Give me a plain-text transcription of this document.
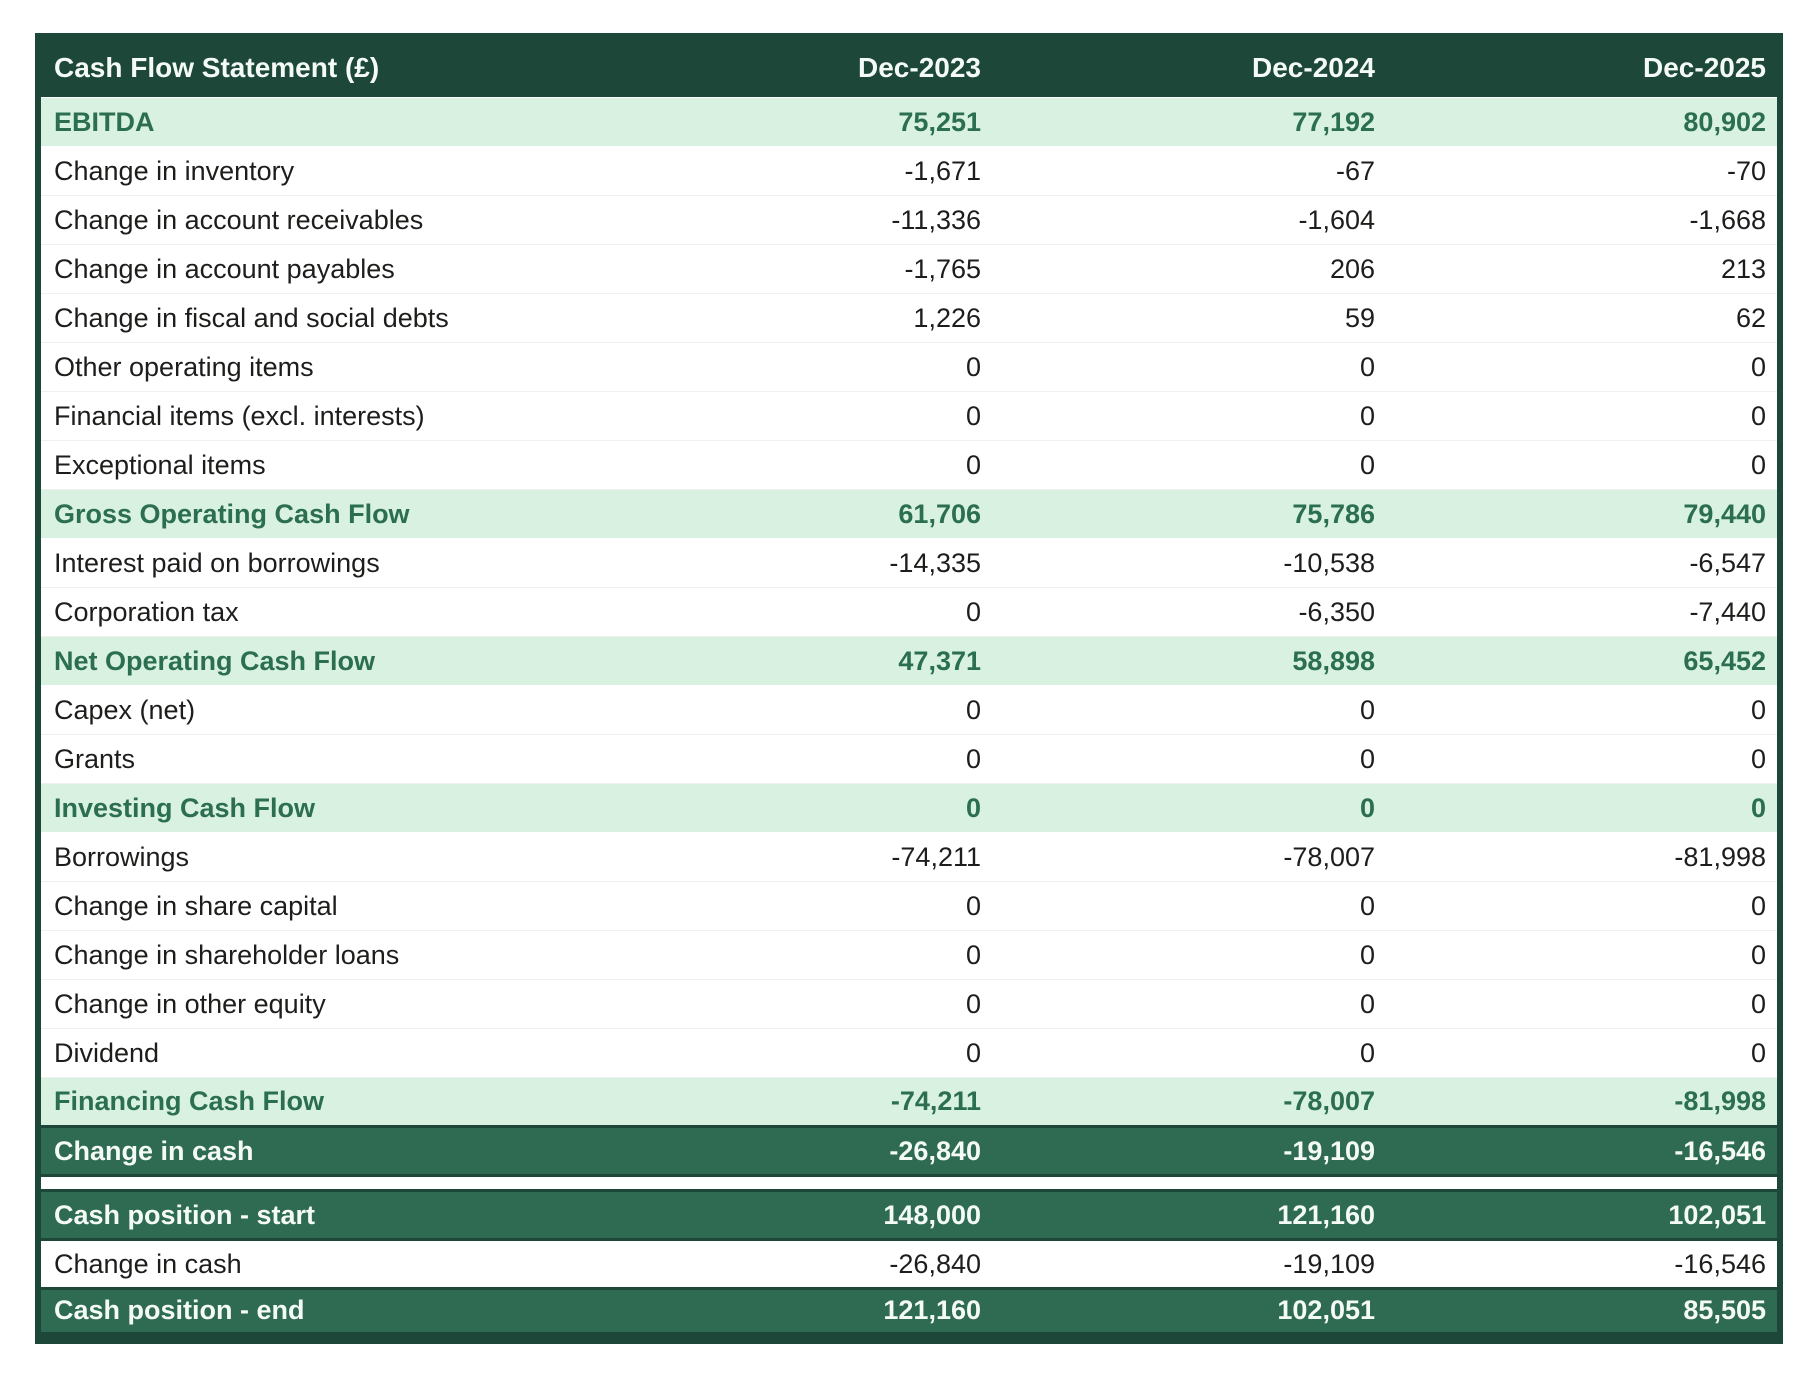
Cash Flow Statement (£)	Dec-2023	Dec-2024	Dec-2025
EBITDA	75,251	77,192	80,902
Change in inventory	-1,671	-67	-70
Change in account receivables	-11,336	-1,604	-1,668
Change in account payables	-1,765	206	213
Change in fiscal and social debts	1,226	59	62
Other operating items	0	0	0
Financial items (excl. interests)	0	0	0
Exceptional items	0	0	0
Gross Operating Cash Flow	61,706	75,786	79,440
Interest paid on borrowings	-14,335	-10,538	-6,547
Corporation tax	0	-6,350	-7,440
Net Operating Cash Flow	47,371	58,898	65,452
Capex (net)	0	0	0
Grants	0	0	0
Investing Cash Flow	0	0	0
Borrowings	-74,211	-78,007	-81,998
Change in share capital	0	0	0
Change in shareholder loans	0	0	0
Change in other equity	0	0	0
Dividend	0	0	0
Financing Cash Flow	-74,211	-78,007	-81,998
Change in cash	-26,840	-19,109	-16,546

Cash position - start	148,000	121,160	102,051
Change in cash	-26,840	-19,109	-16,546
Cash position - end	121,160	102,051	85,505
